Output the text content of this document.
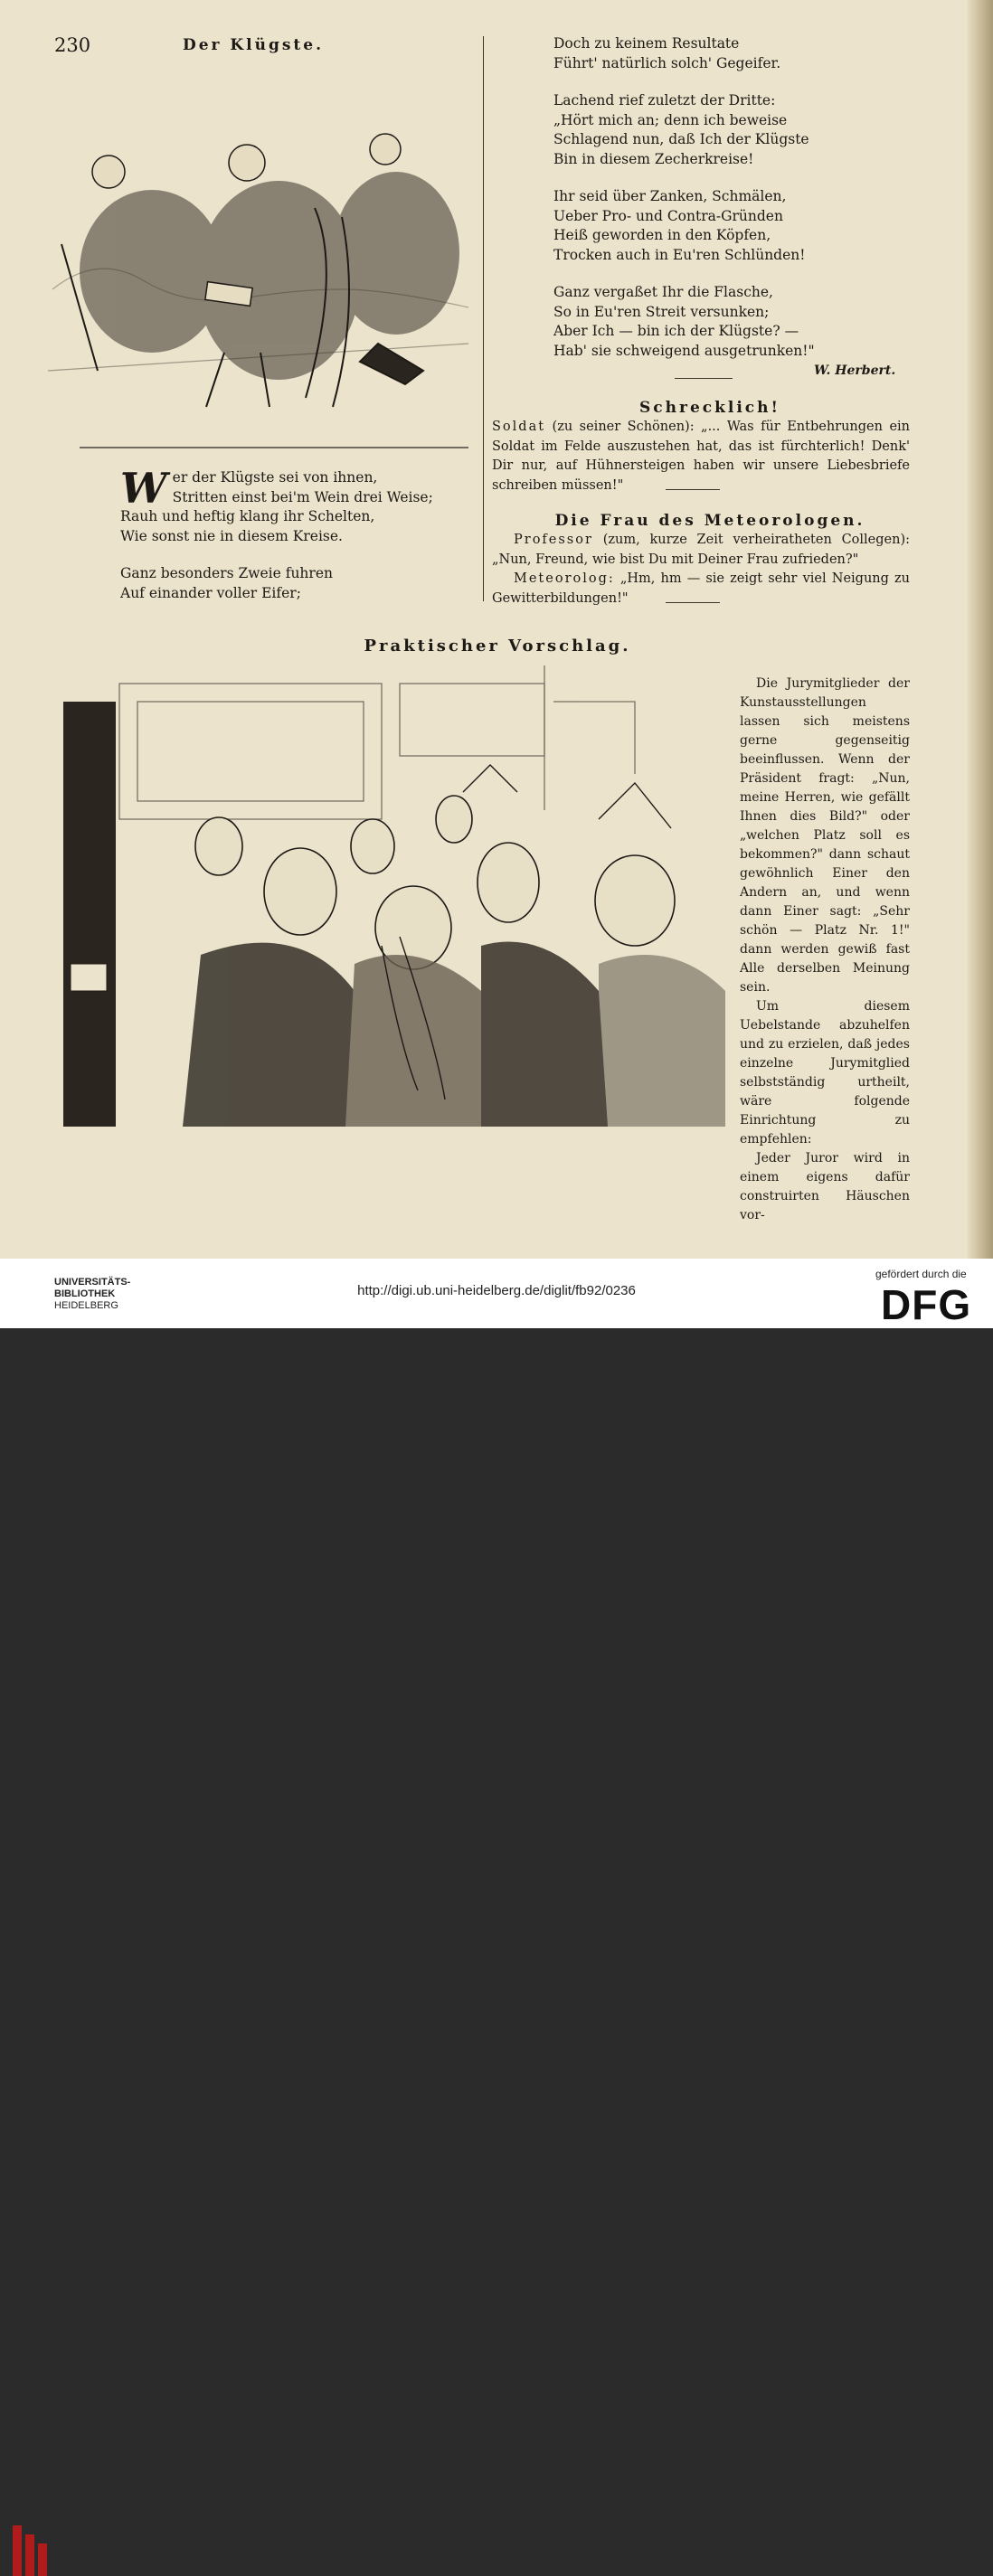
230	Der Klügste.
W er der Klügste sei von ihnen,
Stritten einst bei'm Wein drei Weise;
Rauh und heftig klang ihr Schelten,
Wie sonst nie in diesem Kreise.
Ganz besonders Zweie fuhren
Auf einander voller Eifer;
Doch zu keinem Resultate
Führt' natürlich solch' Gegeifer.
Lachend rief zuletzt der Dritte:
„Hört mich an; denn ich beweise
Schlagend nun, daß Ich der Klügste
Bin in diesem Zecherkreise!
Ihr seid über Zanken, Schmälen,
Ueber Pro- und Contra-Gründen
Heiß geworden in den Köpfen,
Trocken auch in Eu'ren Schlünden!
Ganz vergaßet Ihr die Flasche,
So in Eu'ren Streit versunken;
Aber Ich — bin ich der Klügste? —
Hab' sie schweigend ausgetrunken!"
W. Herbert.
Schrecklich!
Soldat (zu seiner Schönen): „... Was für Entbehrungen ein Soldat im Felde auszustehen hat, das ist fürchterlich! Denk' Dir nur, auf Hühnersteigen haben wir unsere Liebesbriefe schreiben müssen!"
Die Frau des Meteorologen.

Professor (zum, kurze Zeit verheiratheten Collegen): „Nun, Freund, wie bist Du mit Deiner Frau zufrieden?"

Meteorolog: „Hm, hm — sie zeigt sehr viel Neigung zu Gewitterbildungen!"

Praktischer Vorschlag.

Die Jurymitglieder der Kunstausstellungen lassen sich meistens gerne gegenseitig beeinflussen. Wenn der Präsident fragt: „Nun, meine Herren, wie gefällt Ihnen dies Bild?" oder „welchen Platz soll es bekommen?" dann schaut gewöhnlich Einer den Andern an, und wenn dann Einer sagt: „Sehr schön — Platz Nr. 1!" dann werden gewiß fast Alle derselben Meinung sein.

Um diesem Uebelstande abzuhelfen und zu erzielen, daß jedes einzelne Jurymitglied selbstständig urtheilt, wäre folgende Einrichtung zu empfehlen:

Jeder Juror wird in einem eigens dafür construirten Häuschen vor-

UNIVERSITÄTS-
BIBLIOTHEK
HEIDELBERG
http://digi.ub.uni-heidelberg.de/diglit/fb92/0236
gefördert durch die
DFG
